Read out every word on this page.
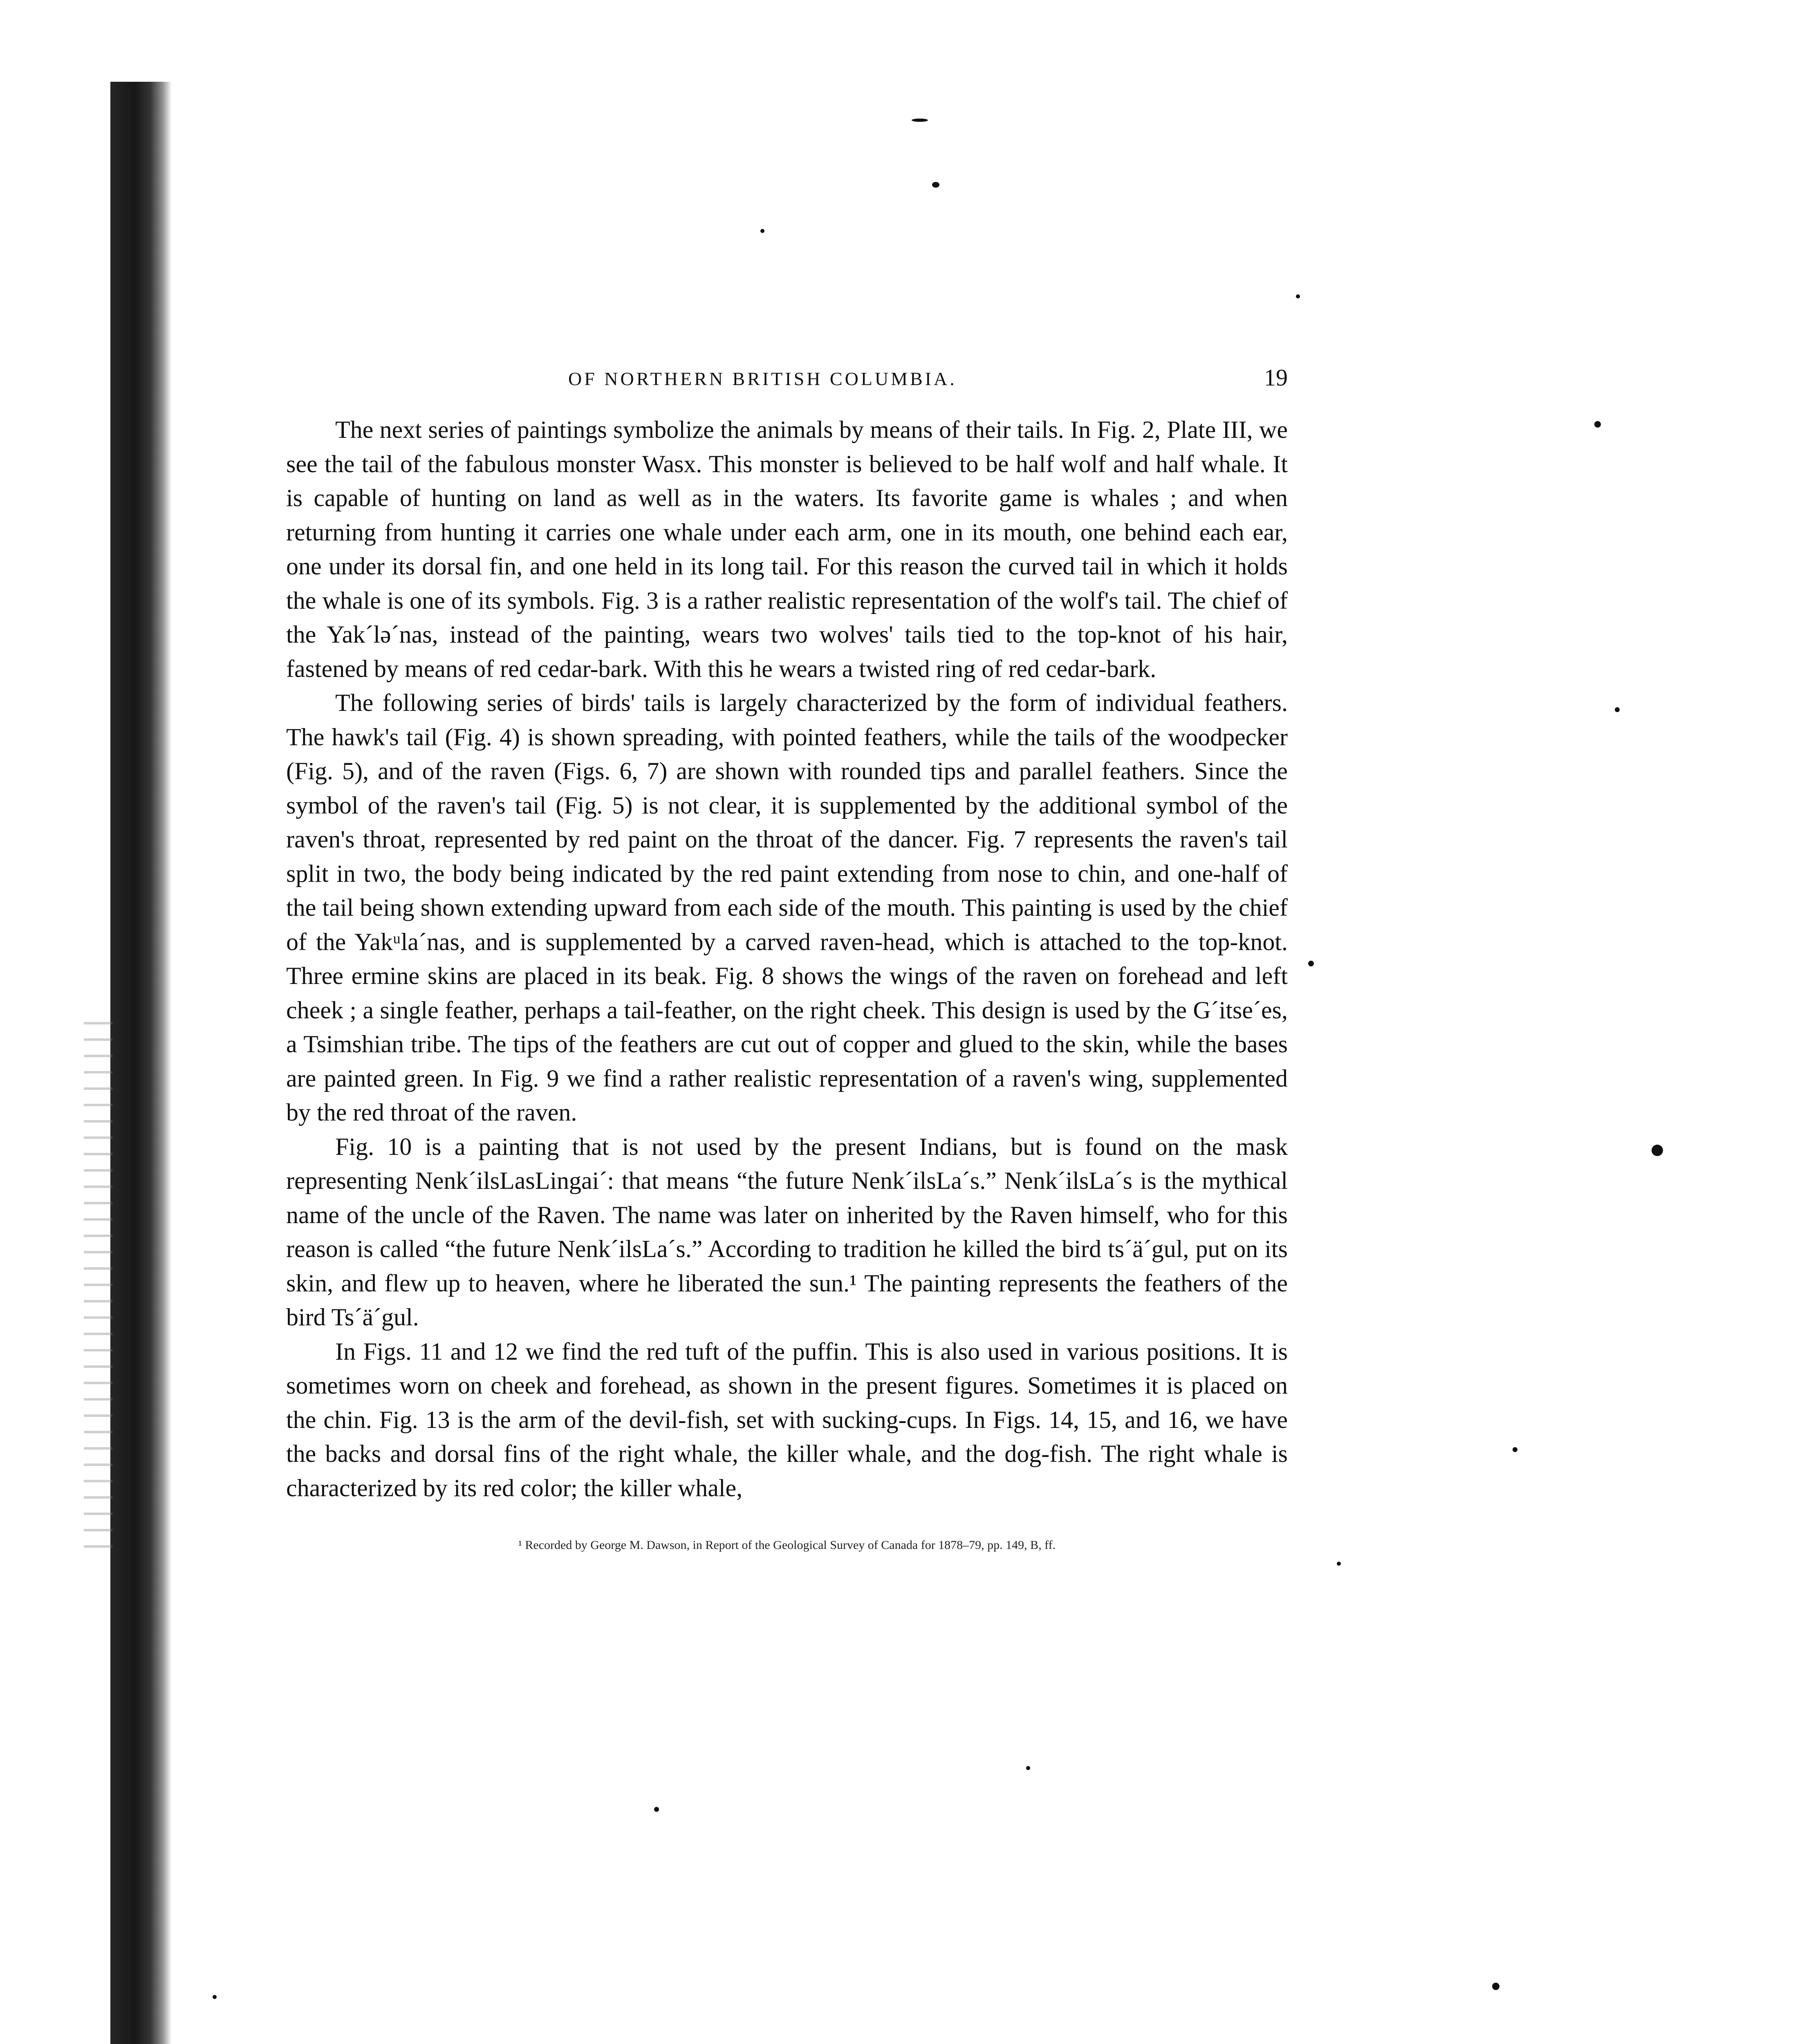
OF NORTHERN BRITISH COLUMBIA.	19

The next series of paintings symbolize the animals by means of their tails. In Fig. 2, Plate III, we see the tail of the fabulous monster Wasx. This monster is believed to be half wolf and half whale. It is capable of hunting on land as well as in the waters. Its favorite game is whales ; and when returning from hunting it carries one whale under each arm, one in its mouth, one behind each ear, one under its dorsal fin, and one held in its long tail. For this reason the curved tail in which it holds the whale is one of its symbols. Fig. 3 is a rather realistic representation of the wolf's tail. The chief of the Yak´lə´nas, instead of the painting, wears two wolves' tails tied to the top-knot of his hair, fastened by means of red cedar-bark. With this he wears a twisted ring of red cedar-bark.

The following series of birds' tails is largely characterized by the form of individual feathers. The hawk's tail (Fig. 4) is shown spreading, with pointed feathers, while the tails of the woodpecker (Fig. 5), and of the raven (Figs. 6, 7) are shown with rounded tips and parallel feathers. Since the symbol of the raven's tail (Fig. 5) is not clear, it is supplemented by the additional symbol of the raven's throat, represented by red paint on the throat of the dancer. Fig. 7 represents the raven's tail split in two, the body being indicated by the red paint extending from nose to chin, and one-half of the tail being shown extending upward from each side of the mouth. This painting is used by the chief of the Yakᵘla´nas, and is supplemented by a carved raven-head, which is attached to the top-knot. Three ermine skins are placed in its beak. Fig. 8 shows the wings of the raven on forehead and left cheek ; a single feather, perhaps a tail-feather, on the right cheek. This design is used by the G´itse´es, a Tsimshian tribe. The tips of the feathers are cut out of copper and glued to the skin, while the bases are painted green. In Fig. 9 we find a rather realistic representation of a raven's wing, supplemented by the red throat of the raven.

Fig. 10 is a painting that is not used by the present Indians, but is found on the mask representing Nenk´ilsLasLingai´: that means “the future Nenk´ilsLa´s.” Nenk´ilsLa´s is the mythical name of the uncle of the Raven. The name was later on inherited by the Raven himself, who for this reason is called “the future Nenk´ilsLa´s.” According to tradition he killed the bird ts´ä´gul, put on its skin, and flew up to heaven, where he liberated the sun.¹ The painting represents the feathers of the bird Ts´ä´gul.

In Figs. 11 and 12 we find the red tuft of the puffin. This is also used in various positions. It is sometimes worn on cheek and forehead, as shown in the present figures. Sometimes it is placed on the chin. Fig. 13 is the arm of the devil-fish, set with sucking-cups. In Figs. 14, 15, and 16, we have the backs and dorsal fins of the right whale, the killer whale, and the dog-fish. The right whale is characterized by its red color; the killer whale,

¹ Recorded by George M. Dawson, in Report of the Geological Survey of Canada for 1878–79, pp. 149, B, ff.
